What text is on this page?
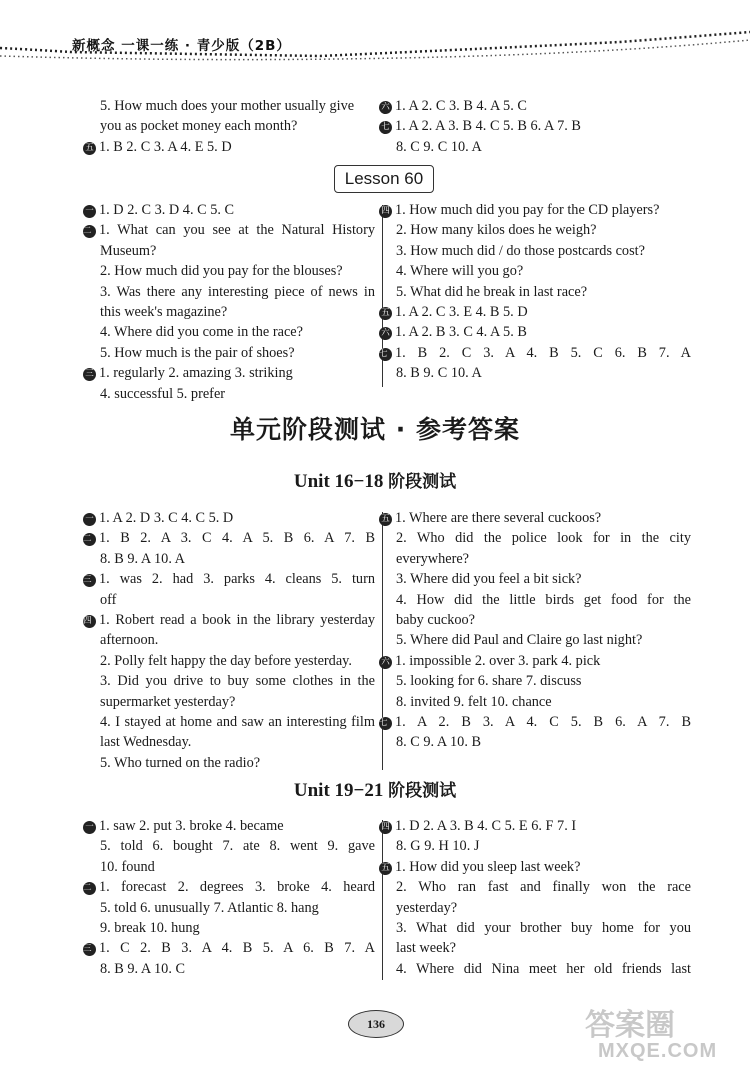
新概念 一课一练 · 青少版（2B）
Lesson 60
单元阶段测试 · 参考答案
Unit 16−18 阶段测试
Unit 19−21 阶段测试
136	答案圈
MXQE.COM
5. How much does your mother usually give
you as pocket money each month?
五 1. B 2. C 3. A 4. E 5. D
六 1. A 2. C 3. B 4. A 5. C
七 1. A 2. A 3. B 4. C 5. B 6. A 7. B
8. C 9. C 10. A
一 1. D 2. C 3. D 4. C 5. C
二 1. What can you see at the Natural History
Museum?
2. How much did you pay for the blouses?
3. Was there any interesting piece of news in
this week's magazine?
4. Where did you come in the race?
5. How much is the pair of shoes?
三 1. regularly 2. amazing 3. striking
4. successful 5. prefer
四 1. How much did you pay for the CD players?
2. How many kilos does he weigh?
3. How much did / do those postcards cost?
4. Where will you go?
5. What did he break in last race?
五 1. A 2. C 3. E 4. B 5. D
六 1. A 2. B 3. C 4. A 5. B
七 1. B 2. C 3. A 4. B 5. C 6. B 7. A
8. B 9. C 10. A
一 1. A 2. D 3. C 4. C 5. D
二 1. B 2. A 3. C 4. A 5. B 6. A 7. B
8. B 9. A 10. A
三 1. was 2. had 3. parks 4. cleans 5. turn
off
四 1. Robert read a book in the library yesterday
afternoon.
2. Polly felt happy the day before yesterday.
3. Did you drive to buy some clothes in the
supermarket yesterday?
4. I stayed at home and saw an interesting film
last Wednesday.
5. Who turned on the radio?
五 1. Where are there several cuckoos?
2. Who did the police look for in the city
everywhere?
3. Where did you feel a bit sick?
4. How did the little birds get food for the
baby cuckoo?
5. Where did Paul and Claire go last night?
六 1. impossible 2. over 3. park 4. pick
5. looking for 6. share 7. discuss
8. invited 9. felt 10. chance
七 1. A 2. B 3. A 4. C 5. B 6. A 7. B
8. C 9. A 10. B
一 1. saw 2. put 3. broke 4. became
5. told 6. bought 7. ate 8. went 9. gave
10. found
二 1. forecast 2. degrees 3. broke 4. heard
5. told 6. unusually 7. Atlantic 8. hang
9. break 10. hung
三 1. C 2. B 3. A 4. B 5. A 6. B 7. A
8. B 9. A 10. C
四 1. D 2. A 3. B 4. C 5. E 6. F 7. I
8. G 9. H 10. J
五 1. How did you sleep last week?
2. Who ran fast and finally won the race
yesterday?
3. What did your brother buy home for you
last week?
4. Where did Nina meet her old friends last
